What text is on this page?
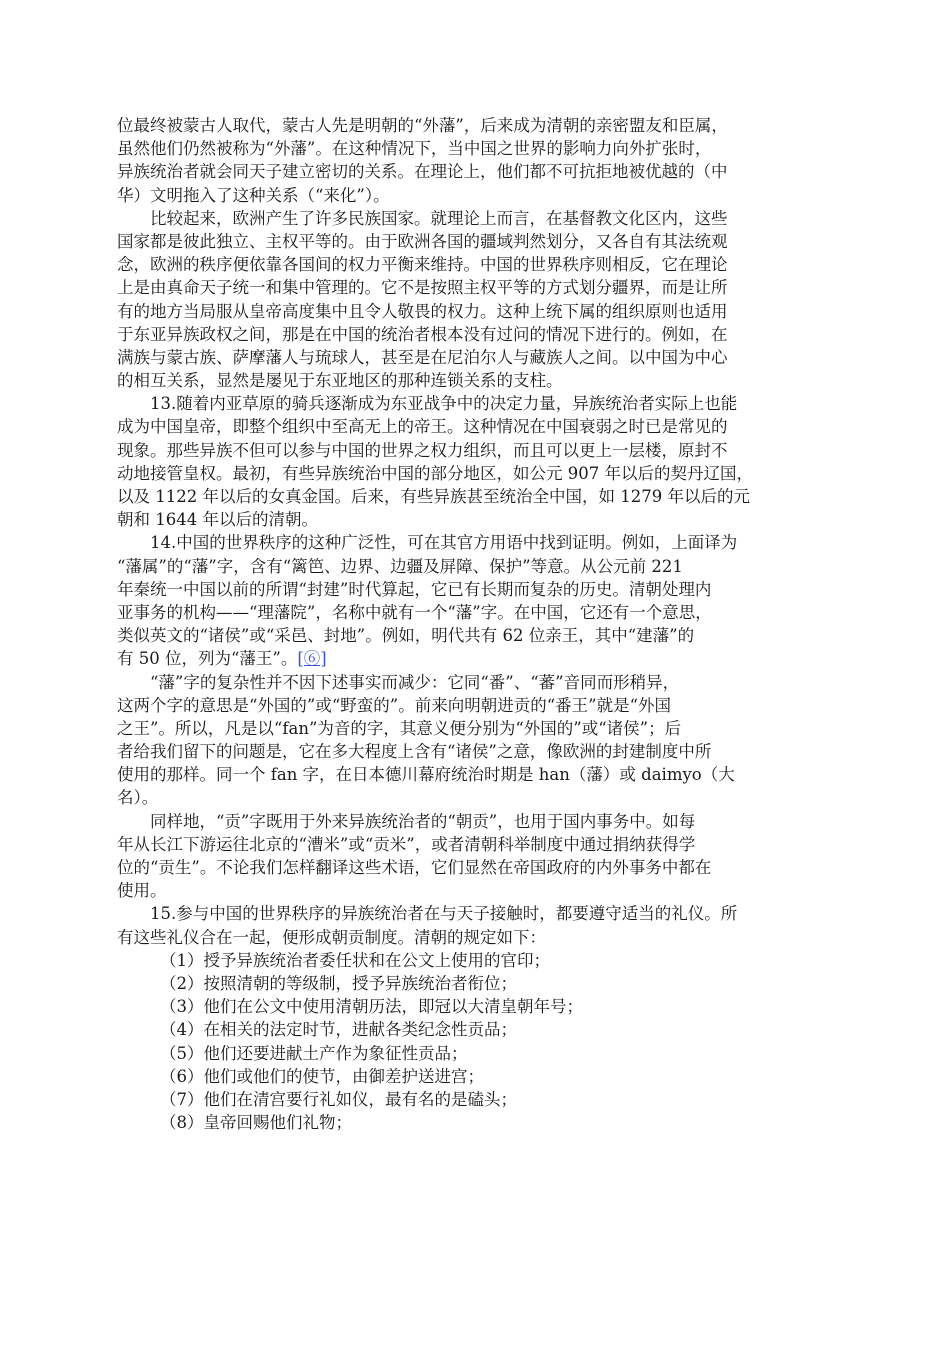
位最终被蒙古人取代，蒙古人先是明朝的“外藩”，后来成为清朝的亲密盟友和臣属，
虽然他们仍然被称为“外藩”。在这种情况下，当中国之世界的影响力向外扩张时，
异族统治者就会同天子建立密切的关系。在理论上，他们都不可抗拒地被优越的（中
华）文明拖入了这种关系（“来化”）。
比较起来，欧洲产生了许多民族国家。就理论上而言，在基督教文化区内，这些
国家都是彼此独立、主权平等的。由于欧洲各国的疆域判然划分，又各自有其法统观
念，欧洲的秩序便依靠各国间的权力平衡来维持。中国的世界秩序则相反，它在理论
上是由真命天子统一和集中管理的。它不是按照主权平等的方式划分疆界，而是让所
有的地方当局服从皇帝高度集中且令人敬畏的权力。这种上统下属的组织原则也适用
于东亚异族政权之间，那是在中国的统治者根本没有过问的情况下进行的。例如，在
满族与蒙古族、萨摩藩人与琉球人，甚至是在尼泊尔人与藏族人之间。以中国为中心
的相互关系，显然是屡见于东亚地区的那种连锁关系的支柱。
13.随着内亚草原的骑兵逐渐成为东亚战争中的决定力量，异族统治者实际上也能
成为中国皇帝，即整个组织中至高无上的帝王。这种情况在中国衰弱之时已是常见的
现象。那些异族不但可以参与中国的世界之权力组织，而且可以更上一层楼，原封不
动地接管皇权。最初，有些异族统治中国的部分地区，如公元 907 年以后的契丹辽国，
以及 1122 年以后的女真金国。后来，有些异族甚至统治全中国，如 1279 年以后的元
朝和 1644 年以后的清朝。
14.中国的世界秩序的这种广泛性，可在其官方用语中找到证明。例如，上面译为
“藩属”的“藩”字，含有“篱笆、边界、边疆及屏障、保护”等意。从公元前 221
年秦统一中国以前的所谓“封建”时代算起，它已有长期而复杂的历史。清朝处理内
亚事务的机构——“理藩院”，名称中就有一个“藩”字。在中国，它还有一个意思，
类似英文的“诸侯”或“采邑、封地”。例如，明代共有 62 位亲王，其中“建藩”的
有 50 位，列为“藩王”。[⑥]
“藩”字的复杂性并不因下述事实而减少：它同“番”、“蕃”音同而形稍异，
这两个字的意思是“外国的”或“野蛮的”。前来向明朝进贡的“番王”就是“外国
之王”。所以，凡是以“fan”为音的字，其意义便分别为“外国的”或“诸侯”；后
者给我们留下的问题是，它在多大程度上含有“诸侯”之意，像欧洲的封建制度中所
使用的那样。同一个 fan 字，在日本德川幕府统治时期是 han（藩）或 daimyo（大
名）。
同样地，“贡”字既用于外来异族统治者的“朝贡”，也用于国内事务中。如每
年从长江下游运往北京的“漕米”或“贡米”，或者清朝科举制度中通过捐纳获得学
位的“贡生”。不论我们怎样翻译这些术语，它们显然在帝国政府的内外事务中都在
使用。
15.参与中国的世界秩序的异族统治者在与天子接触时，都要遵守适当的礼仪。所
有这些礼仪合在一起，便形成朝贡制度。清朝的规定如下：
（1）授予异族统治者委任状和在公文上使用的官印；
（2）按照清朝的等级制，授予异族统治者衔位；
（3）他们在公文中使用清朝历法，即冠以大清皇朝年号；
（4）在相关的法定时节，进献各类纪念性贡品；
（5）他们还要进献土产作为象征性贡品；
（6）他们或他们的使节，由御差护送进宫；
（7）他们在清宫要行礼如仪，最有名的是磕头；
（8）皇帝回赐他们礼物；
